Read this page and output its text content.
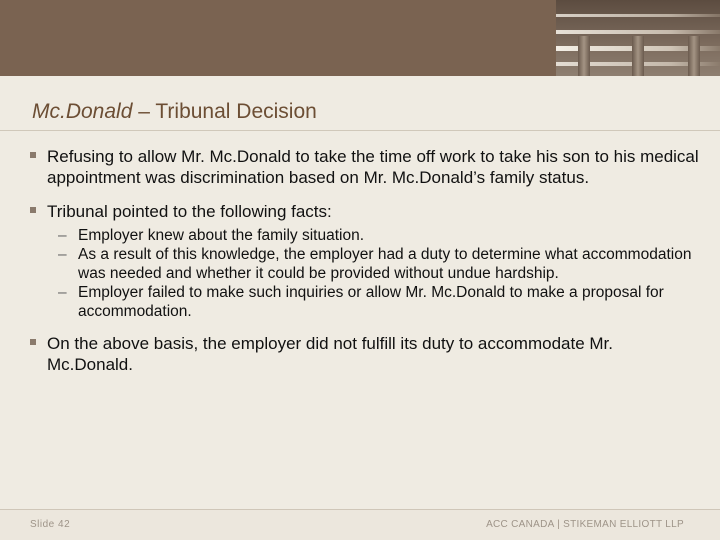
Mc.Donald – Tribunal Decision
Refusing to allow Mr. Mc.Donald to take the time off work to take his son to his medical appointment was discrimination based on Mr. Mc.Donald’s family status.
Tribunal pointed to the following facts:
– Employer knew about the family situation.
– As a result of this knowledge, the employer had a duty to determine what accommodation was needed and whether it could be provided without undue hardship.
– Employer failed to make such inquiries or allow Mr. Mc.Donald to make a proposal for accommodation.
On the above basis, the employer did not fulfill its duty to accommodate Mr. Mc.Donald.
Slide 42	ACC CANADA | STIKEMAN ELLIOTT LLP
